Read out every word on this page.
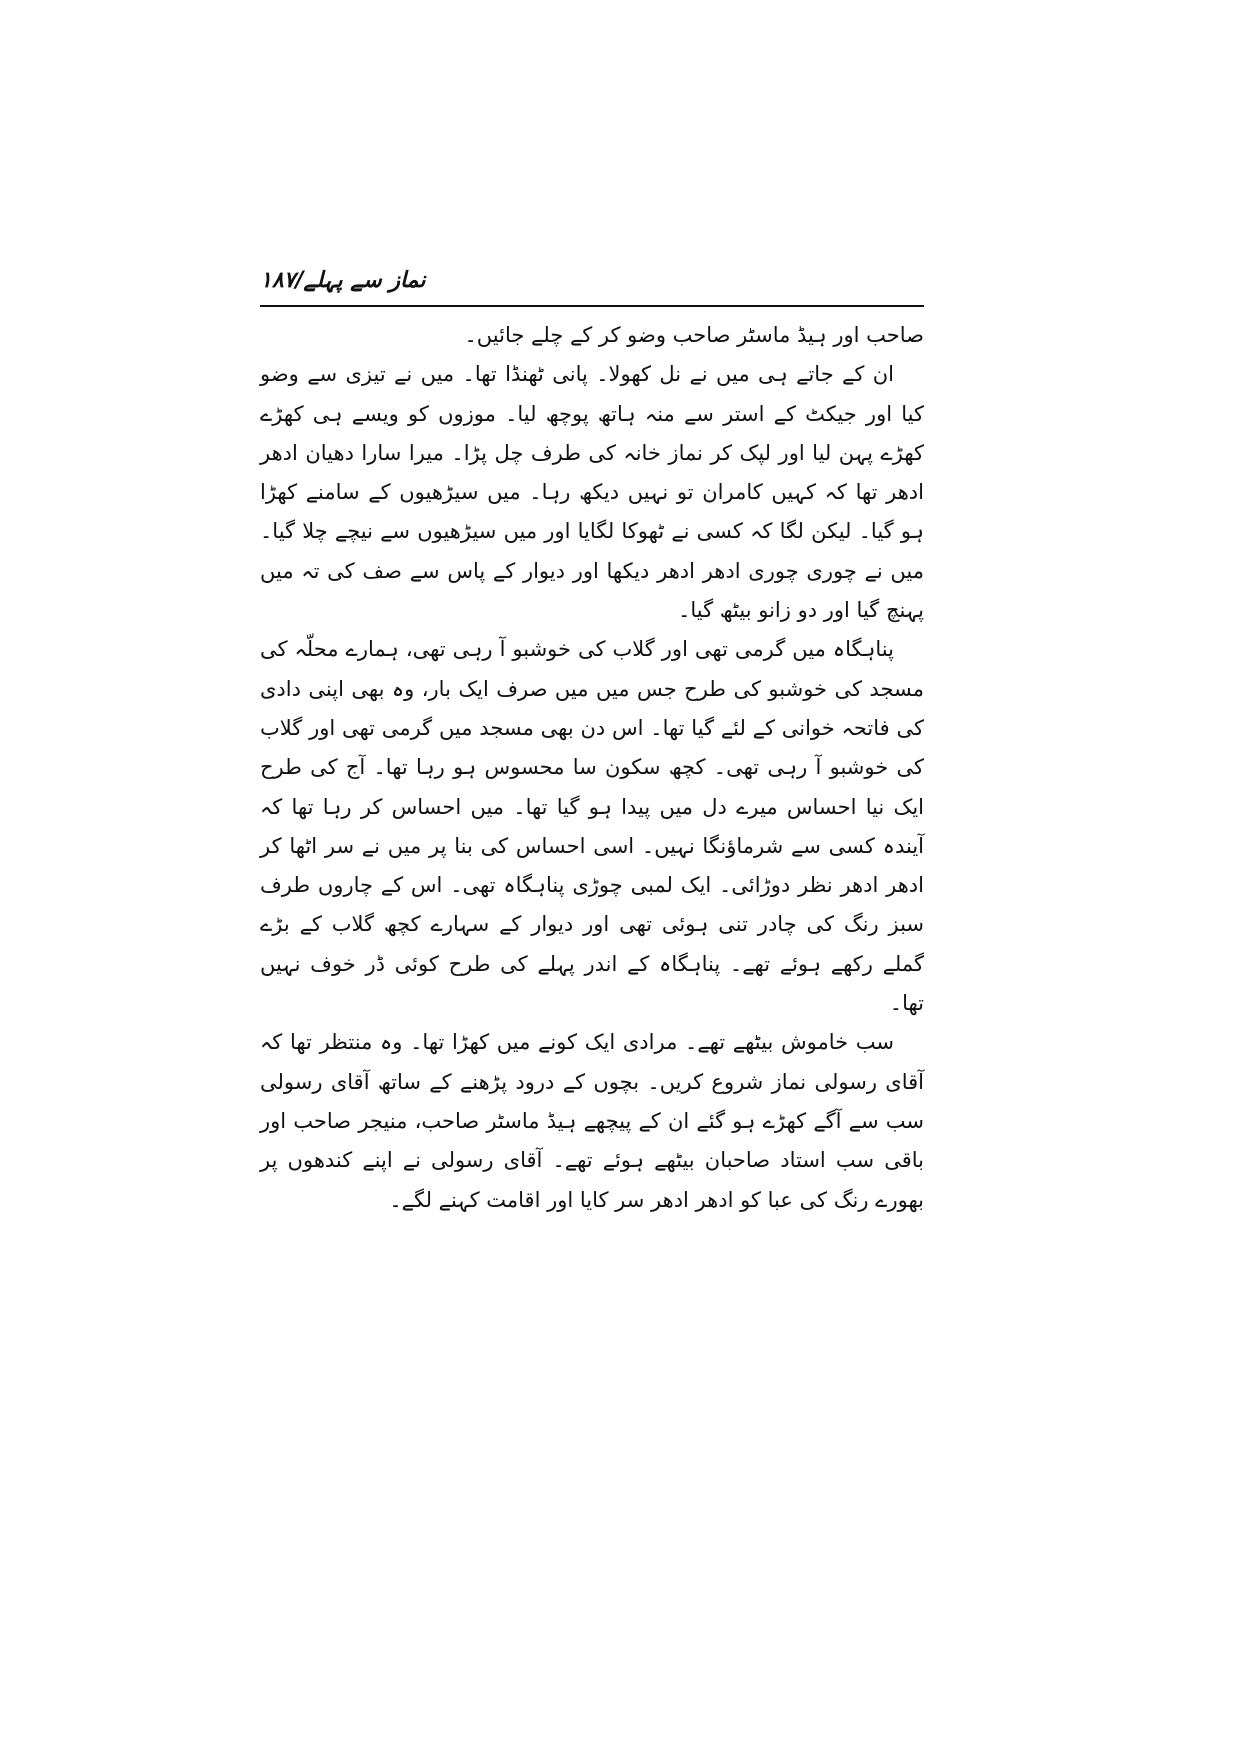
نماز سے پہلے/۱۸۷

صاحب اور ہیڈ ماسٹر صاحب وضو کر کے چلے جائیں۔

ان کے جاتے ہی میں نے نل کھولا۔ پانی ٹھنڈا تھا۔ میں نے تیزی سے وضو کیا اور جیکٹ کے استر سے منہ ہاتھ پوچھ لیا۔ موزوں کو ویسے ہی کھڑے کھڑے پہن لیا اور لپک کر نماز خانہ کی طرف چل پڑا۔ میرا سارا دھیان ادھر ادھر تھا کہ کہیں کامران تو نہیں دیکھ رہا۔ میں سیڑھیوں کے سامنے کھڑا ہو گیا۔ لیکن لگا کہ کسی نے ٹھوکا لگایا اور میں سیڑھیوں سے نیچے چلا گیا۔ میں نے چوری چوری ادھر ادھر دیکھا اور دیوار کے پاس سے صف کی تہ میں پہنچ گیا اور دو زانو بیٹھ گیا۔

پناہگاہ میں گرمی تھی اور گلاب کی خوشبو آ رہی تھی، ہمارے محلّہ کی مسجد کی خوشبو کی طرح جس میں میں صرف ایک بار، وہ بھی اپنی دادی کی فاتحہ خوانی کے لئے گیا تھا۔ اس دن بھی مسجد میں گرمی تھی اور گلاب کی خوشبو آ رہی تھی۔ کچھ سکون سا محسوس ہو رہا تھا۔ آج کی طرح ایک نیا احساس میرے دل میں پیدا ہو گیا تھا۔ میں احساس کر رہا تھا کہ آیندہ کسی سے شرماؤنگا نہیں۔ اسی احساس کی بنا پر میں نے سر اٹھا کر ادھر ادھر نظر دوڑائی۔ ایک لمبی چوڑی پناہگاہ تھی۔ اس کے چاروں طرف سبز رنگ کی چادر تنی ہوئی تھی اور دیوار کے سہارے کچھ گلاب کے بڑے گملے رکھے ہوئے تھے۔ پناہگاہ کے اندر پہلے کی طرح کوئی ڈر خوف نہیں تھا۔

سب خاموش بیٹھے تھے۔ مرادی ایک کونے میں کھڑا تھا۔ وہ منتظر تھا کہ آقای رسولی نماز شروع کریں۔ بچوں کے درود پڑھنے کے ساتھ آقای رسولی سب سے آگے کھڑے ہو گئے ان کے پیچھے ہیڈ ماسٹر صاحب، منیجر صاحب اور باقی سب استاد صاحبان بیٹھے ہوئے تھے۔ آقای رسولی نے اپنے کندھوں پر بھورے رنگ کی عبا کو ادھر ادھر سر کایا اور اقامت کہنے لگے۔
